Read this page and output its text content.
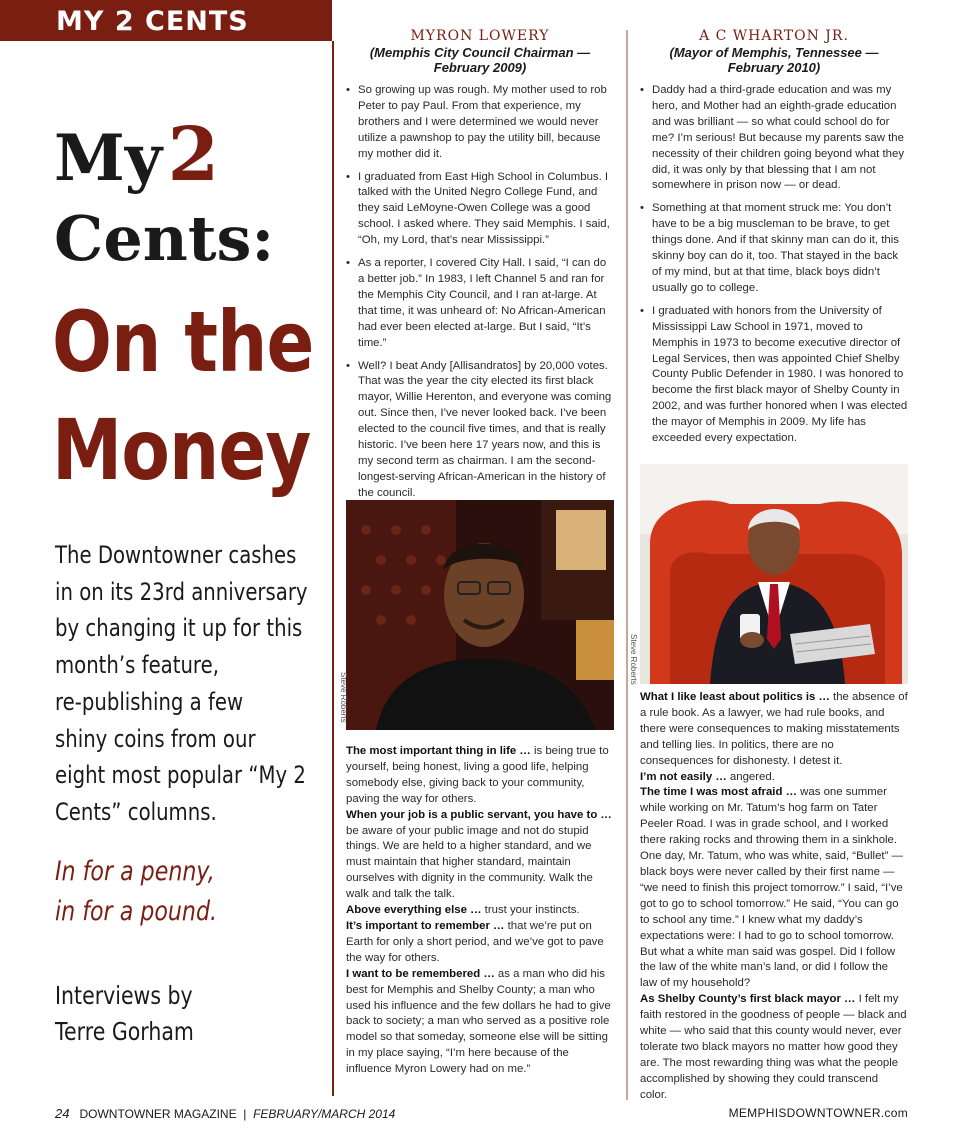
MY 2 CENTS
My 2
Cents:
On the
Money
The Downtowner cashes
in on its 23rd anniversary
by changing it up for this
month’s feature,
re-publishing a few
shiny coins from our
eight most popular “My 2
Cents” columns.
In for a penny,
in for a pound.
Interviews by
Terre Gorham
MYRON LOWERY
(Memphis City Council Chairman — February 2009)
• So growing up was rough. My mother used to rob Peter to pay Paul. From that experience, my brothers and I were determined we would never utilize a pawnshop to pay the utility bill, because my mother did it.
• I graduated from East High School in Columbus. I talked with the United Negro College Fund, and they said LeMoyne-Owen College was a good school. I asked where. They said Memphis. I said, “Oh, my Lord, that’s near Mississippi.”
• As a reporter, I covered City Hall. I said, “I can do a better job.” In 1983, I left Channel 5 and ran for the Memphis City Council, and I ran at-large. At that time, it was unheard of: No African-American had ever been elected at-large. But I said, “It’s time.”
• Well? I beat Andy [Allisandratos] by 20,000 votes. That was the year the city elected its first black mayor, Willie Herenton, and everyone was coming out. Since then, I’ve never looked back. I’ve been elected to the council five times, and that is really historic. I’ve been here 17 years now, and this is my second term as chairman. I am the second-longest-serving African-American in the history of the council.
Steve Roberts

The most important thing in life … is being true to yourself, being honest, living a good life, helping somebody else, giving back to your community, paving the way for others.

When your job is a public servant, you have to … be aware of your public image and not do stupid things. We are held to a higher standard, and we must maintain that higher standard, maintain ourselves with dignity in the community. Walk the walk and talk the talk.

Above everything else … trust your instincts.

It’s important to remember … that we’re put on Earth for only a short period, and we’ve got to pave the way for others.

I want to be remembered … as a man who did his best for Memphis and Shelby County; a man who used his influence and the few dollars he had to give back to society; a man who served as a positive role model so that someday, someone else will be sitting in my place saying, “I’m here because of the influence Myron Lowery had on me.”

A C WHARTON JR.
(Mayor of Memphis, Tennessee — February 2010)
• Daddy had a third-grade education and was my hero, and Mother had an eighth-grade education and was brilliant — so what could school do for me? I’m serious! But because my parents saw the necessity of their children going beyond what they did, it was only by that blessing that I am not somewhere in prison now — or dead.
• Something at that moment struck me: You don’t have to be a big muscleman to be brave, to get things done. And if that skinny man can do it, this skinny boy can do it, too. That stayed in the back of my mind, but at that time, black boys didn’t usually go to college.
• I graduated with honors from the University of Mississippi Law School in 1971, moved to Memphis in 1973 to become executive director of Legal Services, then was appointed Chief Shelby County Public Defender in 1980. I was honored to become the first black mayor of Shelby County in 2002, and was further honored when I was elected the mayor of Memphis in 2009. My life has exceeded every expectation.
Steve Roberts

What I like least about politics is … the absence of a rule book. As a lawyer, we had rule books, and there were consequences to making misstatements and telling lies. In politics, there are no consequences for dishonesty. I detest it.

I’m not easily … angered.

The time I was most afraid … was one summer while working on Mr. Tatum’s hog farm on Tater Peeler Road. I was in grade school, and I worked there raking rocks and throwing them in a sinkhole. One day, Mr. Tatum, who was white, said, “Bullet” — black boys were never called by their first name — “we need to finish this project tomorrow.” I said, “I’ve got to go to school tomorrow.” He said, “You can go to school any time.” I knew what my daddy’s expectations were: I had to go to school tomorrow. But what a white man said was gospel. Did I follow the law of the white man’s land, or did I follow the law of my household?

As Shelby County’s first black mayor … I felt my faith restored in the goodness of people — black and white — who said that this county would never, ever tolerate two black mayors no matter how good they are. The most rewarding thing was what the people accomplished by showing they could transcend color.

24 DOWNTOWNER MAGAZINE | FEBRUARY/MARCH 2014	MEMPHISDOWNTOWNER.com
